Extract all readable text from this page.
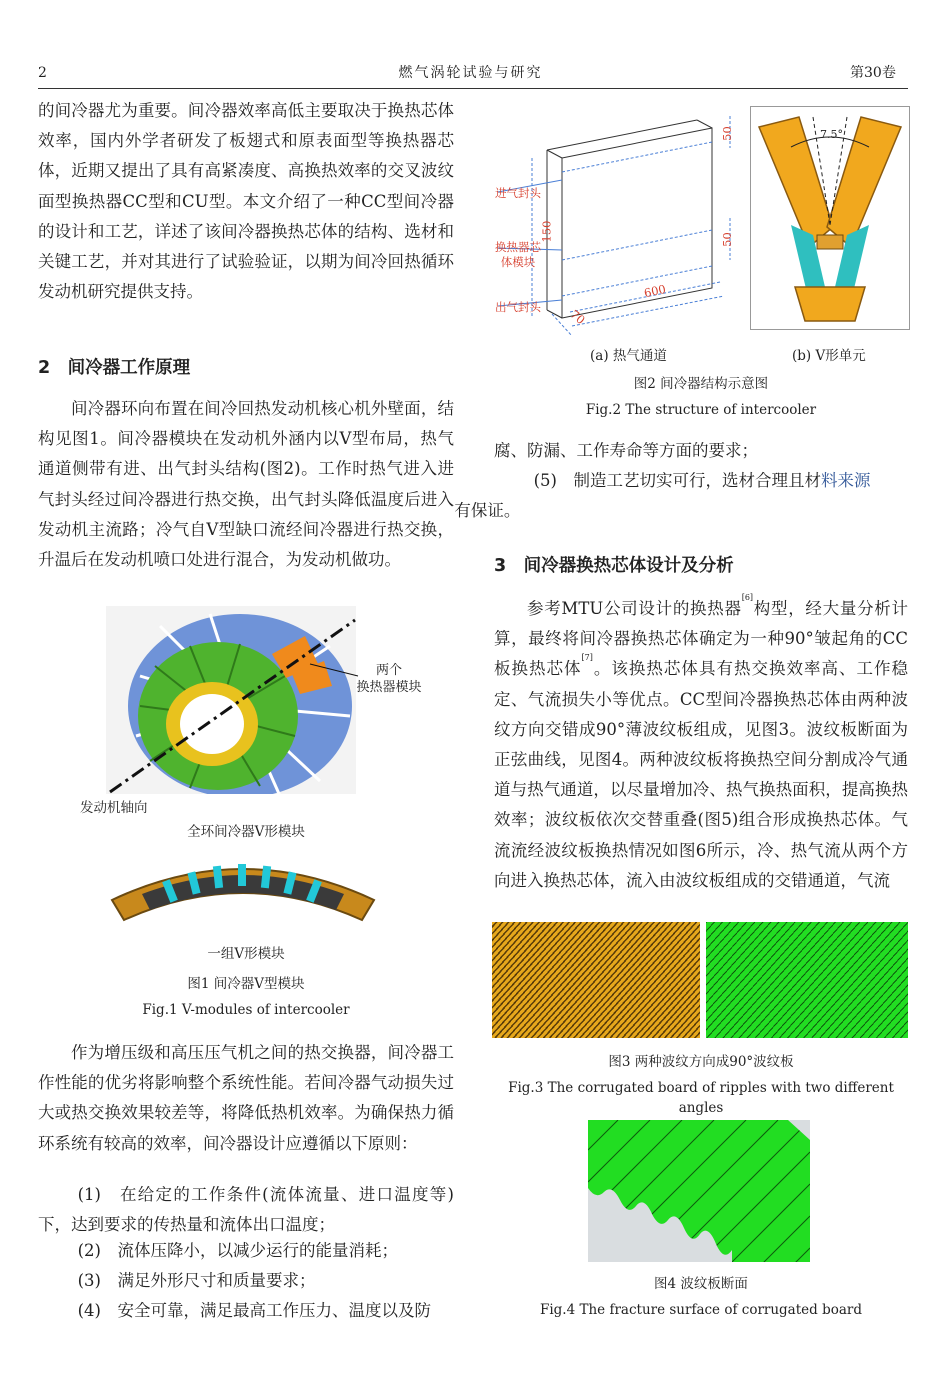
2	燃气涡轮试验与研究	第30卷

的间冷器尤为重要。间冷器效率高低主要取决于换热芯体效率，国内外学者研发了板翅式和原表面型等换热器芯体，近期又提出了具有高紧凑度、高换热效率的交叉波纹面型换热器CC型和CU型。本文介绍了一种CC型间冷器的设计和工艺，详述了该间冷器换热芯体的结构、选材和关键工艺，并对其进行了试验验证，以期为间冷回热循环发动机研究提供支持。

2　间冷器工作原理

间冷器环向布置在间冷回热发动机核心机外壁面，结构见图1。间冷器模块在发动机外涵内以V型布局，热气通道侧带有进、出气封头结构(图2)。工作时热气进入进气封头经过间冷器进行热交换，出气封头降低温度后进入发动机主流路；冷气自V型缺口流经间冷器进行热交换，升温后在发动机喷口处进行混合，为发动机做功。

两个
换热器模块
发动机轴向
全环间冷器V形模块
一组V形模块
图1 间冷器V型模块
Fig.1 V-modules of intercooler

作为增压级和高压压气机之间的热交换器，间冷器工作性能的优劣将影响整个系统性能。若间冷器气动损失过大或热交换效果较差等，将降低热机效率。为确保热力循环系统有较高的效率，间冷器设计应遵循以下原则：

(1)　在给定的工作条件(流体流量、进口温度等)下，达到要求的传热量和流体出口温度；

(2)　流体压降小，以减少运行的能量消耗；

(3)　满足外形尺寸和质量要求；

(4)　安全可靠，满足最高工作压力、温度以及防

进气封头
换热器芯
体模块
出气封头
150
50
50
600
70
7.5°
(a) 热气通道	(b) V形单元
图2 间冷器结构示意图
Fig.2 The structure of intercooler

腐、防漏、工作寿命等方面的要求；

(5)　制造工艺切实可行，选材合理且材料来源
有保证。

3　间冷器换热芯体设计及分析

参考MTU公司设计的换热器[6]构型，经大量分析计算，最终将间冷器换热芯体确定为一种90°皱起角的CC板换热芯体[7]。该换热芯体具有热交换效率高、工作稳定、气流损失小等优点。CC型间冷器换热芯体由两种波纹方向交错成90°薄波纹板组成，见图3。波纹板断面为正弦曲线，见图4。两种波纹板将换热空间分割成冷气通道与热气通道，以尽量增加冷、热气换热面积，提高换热效率；波纹板依次交替重叠(图5)组合形成换热芯体。气流流经波纹板换热情况如图6所示，冷、热气流从两个方向进入换热芯体，流入由波纹板组成的交错通道，气流

图3 两种波纹方向成90°波纹板
Fig.3 The corrugated board of ripples with two different angles
图4 波纹板断面
Fig.4 The fracture surface of corrugated board
